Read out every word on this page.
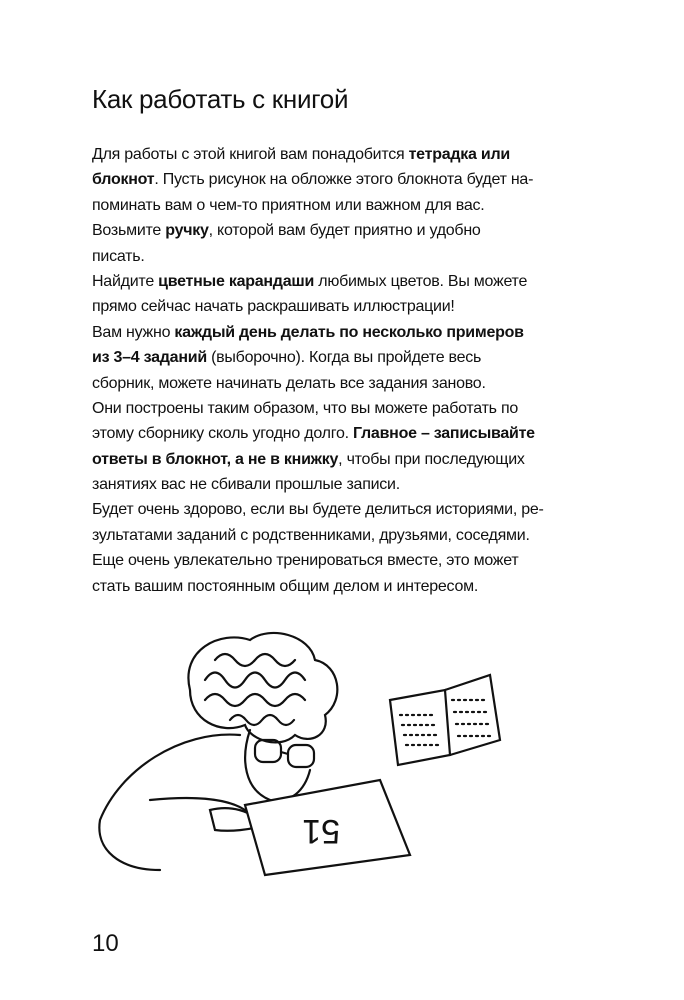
Как работать с книгой
Для работы с этой книгой вам понадобится тетрадка или
блокнот. Пусть рисунок на обложке этого блокнота будет на-
поминать вам о чем-то приятном или важном для вас.
Возьмите ручку, которой вам будет приятно и удобно
писать.
Найдите цветные карандаши любимых цветов. Вы можете
прямо сейчас начать раскрашивать иллюстрации!
Вам нужно каждый день делать по несколько примеров
из 3–4 заданий (выборочно). Когда вы пройдете весь
сборник, можете начинать делать все задания заново.
Они построены таким образом, что вы можете работать по
этому сборнику сколь угодно долго. Главное – записывайте
ответы в блокнот, а не в книжку, чтобы при последующих
занятиях вас не сбивали прошлые записи.
Будет очень здорово, если вы будете делиться историями, ре-
зультатами заданий с родственниками, друзьями, соседями.
Еще очень увлекательно тренироваться вместе, это может
стать вашим постоянным общим делом и интересом.
51
10
